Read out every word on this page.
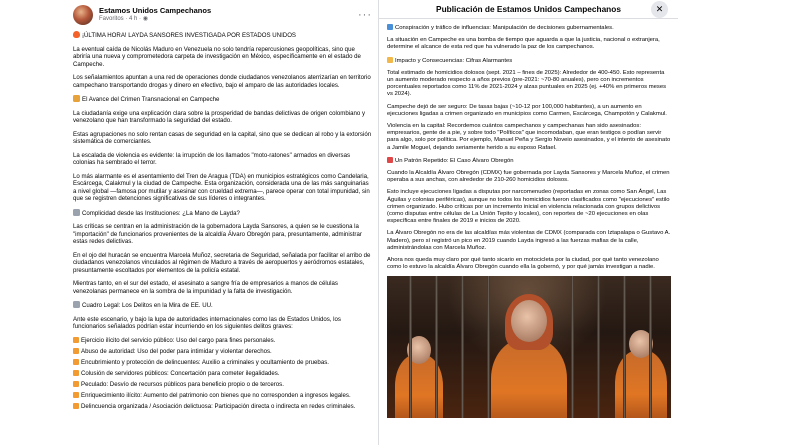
Estamos Unidos Campechanos
Favoritos · 4 h · ◉	···

¡ÚLTIMA HORA! LAYDA SANSORES INVESTIGADA POR ESTADOS UNIDOS

La eventual caída de Nicolás Maduro en Venezuela no solo tendría repercusiones geopolíticas, sino que abriría una nueva y comprometedora carpeta de investigación en México, específicamente en el estado de Campeche.

Los señalamientos apuntan a una red de operaciones donde ciudadanos venezolanos aterrizarían en territorio campechano transportando drogas y dinero en efectivo, bajo el amparo de las autoridades locales.

El Avance del Crimen Transnacional en Campeche

La ciudadanía exige una explicación clara sobre la prosperidad de bandas delictivas de origen colombiano y venezolano que han transformado la seguridad del estado.

Estas agrupaciones no solo rentan casas de seguridad en la capital, sino que se dedican al robo y la extorsión sistemática de comerciantes.

La escalada de violencia es evidente: la irrupción de los llamados "moto-ratones" armados en diversas colonias ha sembrado el terror.

Lo más alarmante es el asentamiento del Tren de Aragua (TDA) en municipios estratégicos como Candelaria, Escárcega, Calakmul y la ciudad de Campeche. Esta organización, considerada una de las más sanguinarias a nivel global —famosa por mutilar y asesinar con crueldad extrema—, parece operar con total impunidad, sin que se registren detenciones significativas de sus líderes o integrantes.

Complicidad desde las Instituciones: ¿La Mano de Layda?

Las críticas se centran en la administración de la gobernadora Layda Sansores, a quien se le cuestiona la "importación" de funcionarios provenientes de la alcaldía Álvaro Obregón para, presuntamente, administrar estas redes delictivas.

En el ojo del huracán se encuentra Marcela Muñoz, secretaria de Seguridad, señalada por facilitar el arribo de ciudadanos venezolanos vinculados al régimen de Maduro a través de aeropuertos y aeródromos estatales, presuntamente escoltados por elementos de la policía estatal.

Mientras tanto, en el sur del estado, el asesinato a sangre fría de empresarios a manos de células venezolanas permanece en la sombra de la impunidad y la falta de investigación.

Cuadro Legal: Los Delitos en la Mira de EE. UU.

Ante este escenario, y bajo la lupa de autoridades internacionales como las de Estados Unidos, los funcionarios señalados podrían estar incurriendo en los siguientes delitos graves:

Ejercicio ilícito del servicio público: Uso del cargo para fines personales.

Abuso de autoridad: Uso del poder para intimidar y violentar derechos.

Encubrimiento y protección de delincuentes: Auxilio a criminales y ocultamiento de pruebas.

Colusión de servidores públicos: Concertación para cometer ilegalidades.

Peculado: Desvío de recursos públicos para beneficio propio o de terceros.

Enriquecimiento ilícito: Aumento del patrimonio con bienes que no corresponden a ingresos legales.

Delincuencia organizada / Asociación delictuosa: Participación directa o indirecta en redes criminales.

Publicación de Estamos Unidos Campechanos	✕

Conspiración y tráfico de influencias: Manipulación de decisiones gubernamentales.

La situación en Campeche es una bomba de tiempo que aguarda a que la justicia, nacional o extranjera, determine el alcance de esta red que ha vulnerado la paz de los campechanos.

Impacto y Consecuencias: Cifras Alarmantes

Total estimado de homicidios dolosos (sept. 2021 – fines de 2025): Alrededor de 400-450. Esto representa un aumento moderado respecto a años previos (pre-2021: ~70-80 anuales), pero con incrementos porcentuales reportados como 11% de 2021-2024 y alzas puntuales en 2025 (ej. +40% en primeros meses vs 2024).

Campeche dejó de ser seguro: De tasas bajas (~10-12 por 100,000 habitantes), a un aumento en ejecuciones ligadas a crimen organizado en municipios como Carmen, Escárcega, Champotón y Calakmul.

Violencia en la capital: Recordemos cuántos campechanos y campechanas han sido asesinados: empresarios, gente de a pie, y sobre todo "Políticos" que incomodaban, que eran testigos o podían servir para algo, solo por política. Por ejemplo, Manuel Peña y Sergio Noveio asesinados, y el intento de asesinato a Jamile Moguel, dejando seriamente herido a su esposo Rafael.

Un Patrón Repetido: El Caso Álvaro Obregón

Cuando la Alcaldía Álvaro Obregón (CDMX) fue gobernada por Layda Sansores y Marcela Muñoz, el crimen operaba a sus anchas, con alrededor de 210-260 homicidios dolosos.

Esto incluye ejecuciones ligadas a disputas por narcomenudeo (reportadas en zonas como San Ángel, Las Águilas y colonias periféricas), aunque no todos los homicidios fueron clasificados como "ejecuciones" estilo crimen organizado. Hubo críticas por un incremento inicial en violencia relacionada con grupos delictivos (como disputas entre células de La Unión Tepito y locales), con reportes de ~20 ejecuciones en olas específicas entre finales de 2019 e inicios de 2020.

La Álvaro Obregón no era de las alcaldías más violentas de CDMX (comparada con Iztapalapa o Gustavo A. Madero), pero sí registró un pico en 2019 cuando Layda ingresó a las fuerzas mafias de la calle, administrándolas con Marcela Muñoz.

Ahora nos queda muy claro por qué tanto sicario en motocicleta por la ciudad, por qué tanto venezolano como lo estuvo la alcaldía Álvaro Obregón cuando ella la gobernó, y por qué jamás investigan a nadie.
